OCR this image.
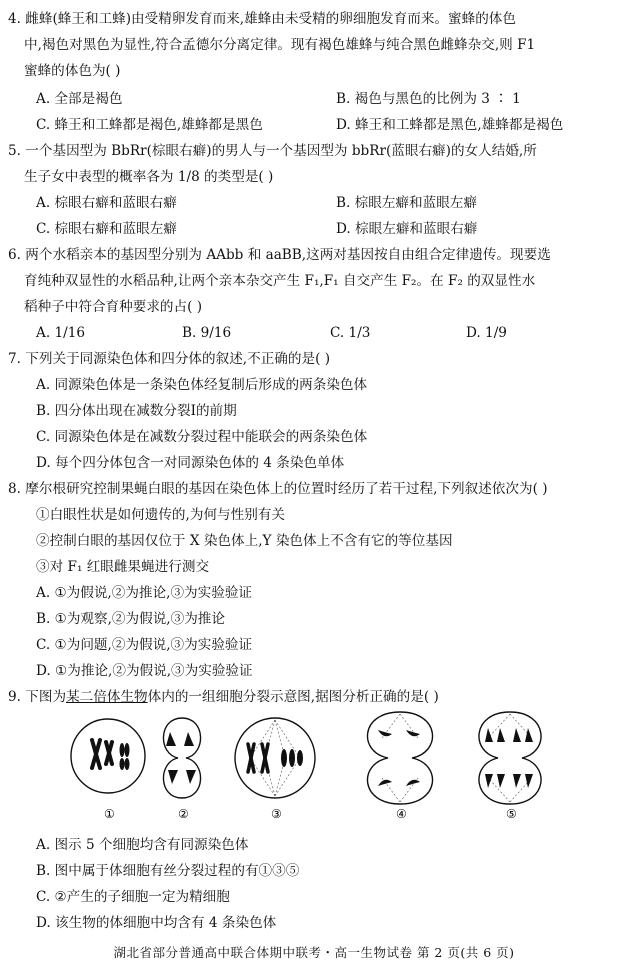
4. 雌蜂(蜂王和工蜂)由受精卵发育而来,雄蜂由未受精的卵细胞发育而来。蜜蜂的体色
中,褐色对黑色为显性,符合孟德尔分离定律。现有褐色雄蜂与纯合黑色雌蜂杂交,则 F1
蜜蜂的体色为( )
A. 全部是褐色	B. 褐色与黑色的比例为 3 ∶ 1
C. 蜂王和工蜂都是褐色,雄蜂都是黑色	D. 蜂王和工蜂都是黑色,雄蜂都是褐色
5. 一个基因型为 BbRr(棕眼右癖)的男人与一个基因型为 bbRr(蓝眼右癖)的女人结婚,所
生子女中表型的概率各为 1/8 的类型是( )
A. 棕眼右癖和蓝眼右癖	B. 棕眼左癖和蓝眼左癖
C. 棕眼右癖和蓝眼左癖	D. 棕眼左癖和蓝眼右癖
6. 两个水稻亲本的基因型分别为 AAbb 和 aaBB,这两对基因按自由组合定律遗传。现要选
育纯种双显性的水稻品种,让两个亲本杂交产生 F₁,F₁ 自交产生 F₂。在 F₂ 的双显性水
稻种子中符合育种要求的占( )
A. 1/16	B. 9/16	C. 1/3	D. 1/9
7. 下列关于同源染色体和四分体的叙述,不正确的是( )
A. 同源染色体是一条染色体经复制后形成的两条染色体
B. 四分体出现在减数分裂Ⅰ的前期
C. 同源染色体是在减数分裂过程中能联会的两条染色体
D. 每个四分体包含一对同源染色体的 4 条染色单体
8. 摩尔根研究控制果蝇白眼的基因在染色体上的位置时经历了若干过程,下列叙述依次为( )
①白眼性状是如何遗传的,为何与性别有关
②控制白眼的基因仅位于 X 染色体上,Y 染色体上不含有它的等位基因
③对 F₁ 红眼雌果蝇进行测交
A. ①为假说,②为推论,③为实验验证
B. ①为观察,②为假说,③为推论
C. ①为问题,②为假说,③为实验验证
D. ①为推论,②为假说,③为实验验证
9. 下图为某二倍体生物体内的一组细胞分裂示意图,据图分析正确的是( )
①	②	③	④	⑤
A. 图示 5 个细胞均含有同源染色体
B. 图中属于体细胞有丝分裂过程的有①③⑤
C. ②产生的子细胞一定为精细胞
D. 该生物的体细胞中均含有 4 条染色体
湖北省部分普通高中联合体期中联考・高一生物试卷 第 2 页(共 6 页)
